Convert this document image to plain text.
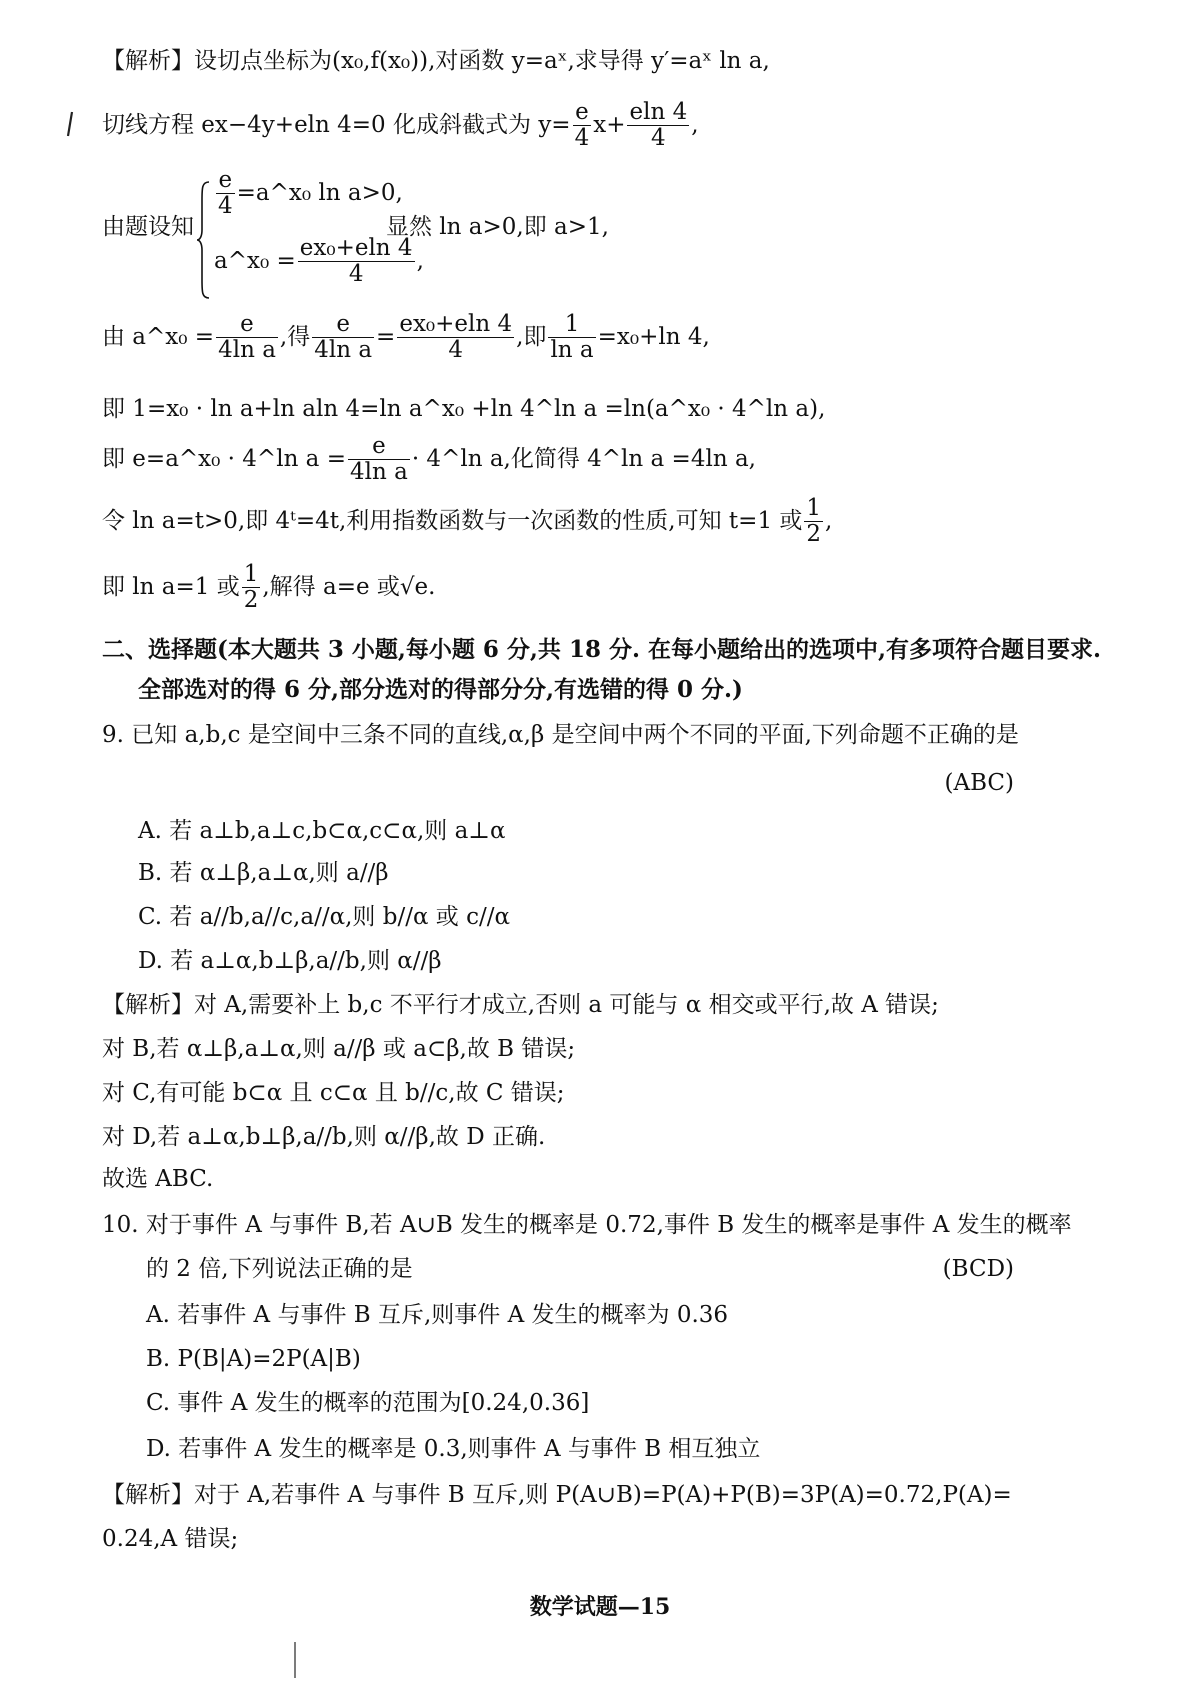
【解析】设切点坐标为(x₀,f(x₀)),对函数 y=aˣ,求导得 y′=aˣ ln a,
切线方程 ex−4y+eln 4=0 化成斜截式为 $y= \frac{e}{4} x+ \frac{eln 4}{4}$ ,
由题设知
$\frac{e}{4}$ =a^x₀ ln a>0,
a^x₀ = $\frac{\text{ex₀+eln 4}}{4}$ ,
显然 ln a>0,即 a>1,
由 a^x₀ = $\frac{e}{\text{4ln a}}$ ,得 $\frac{e}{\text{4ln a}} = \frac{\text{ex₀+eln 4}}{4}$ ,即 $\frac{1}{\text{ln a}} =x_0+\ln$ 4,
即 1=x₀ · ln a+ln aln 4=ln a^x₀ +ln 4^ln a =ln(a^x₀ · 4^ln a),
即 e=a^x₀ · 4^ln $a = \frac{e}{\text{4ln a}}$ · 4^ln a,化简得 4^ln a =4ln a,
令 ln a=t>0,即 4ᵗ=4t,利用指数函数与一次函数的性质,可知 t=1 或 $\frac{1}{2}$ ,
即 ln a=1 或 $\frac{1}{2}$ ,解得 a=e 或√e.
二、选择题(本大题共 3 小题,每小题 6 分,共 18 分. 在每小题给出的选项中,有多项符合题目要求.
全部选对的得 6 分,部分选对的得部分分,有选错的得 0 分.)
9. 已知 a,b,c 是空间中三条不同的直线,α,β 是空间中两个不同的平面,下列命题不正确的是
(ABC)
A. 若 a⊥b,a⊥c,b⊂α,c⊂α,则 a⊥α
B. 若 α⊥β,a⊥α,则 a//β
C. 若 a//b,a//c,a//α,则 b//α 或 c//α
D. 若 a⊥α,b⊥β,a//b,则 α//β
【解析】对 A,需要补上 b,c 不平行才成立,否则 a 可能与 α 相交或平行,故 A 错误;
对 B,若 α⊥β,a⊥α,则 a//β 或 a⊂β,故 B 错误;
对 C,有可能 b⊂α 且 c⊂α 且 b//c,故 C 错误;
对 D,若 a⊥α,b⊥β,a//b,则 α//β,故 D 正确.
故选 ABC.
10. 对于事件 A 与事件 B,若 A∪B 发生的概率是 0.72,事件 B 发生的概率是事件 A 发生的概率
的 2 倍,下列说法正确的是	(BCD)
A. 若事件 A 与事件 B 互斥,则事件 A 发生的概率为 0.36
B. P(B|A)=2P(A|B)
C. 事件 A 发生的概率的范围为[0.24,0.36]
D. 若事件 A 发生的概率是 0.3,则事件 A 与事件 B 相互独立
【解析】对于 A,若事件 A 与事件 B 互斥,则 P(A∪B)=P(A)+P(B)=3P(A)=0.72,P(A)=
0.24,A 错误;
数学试题—15
